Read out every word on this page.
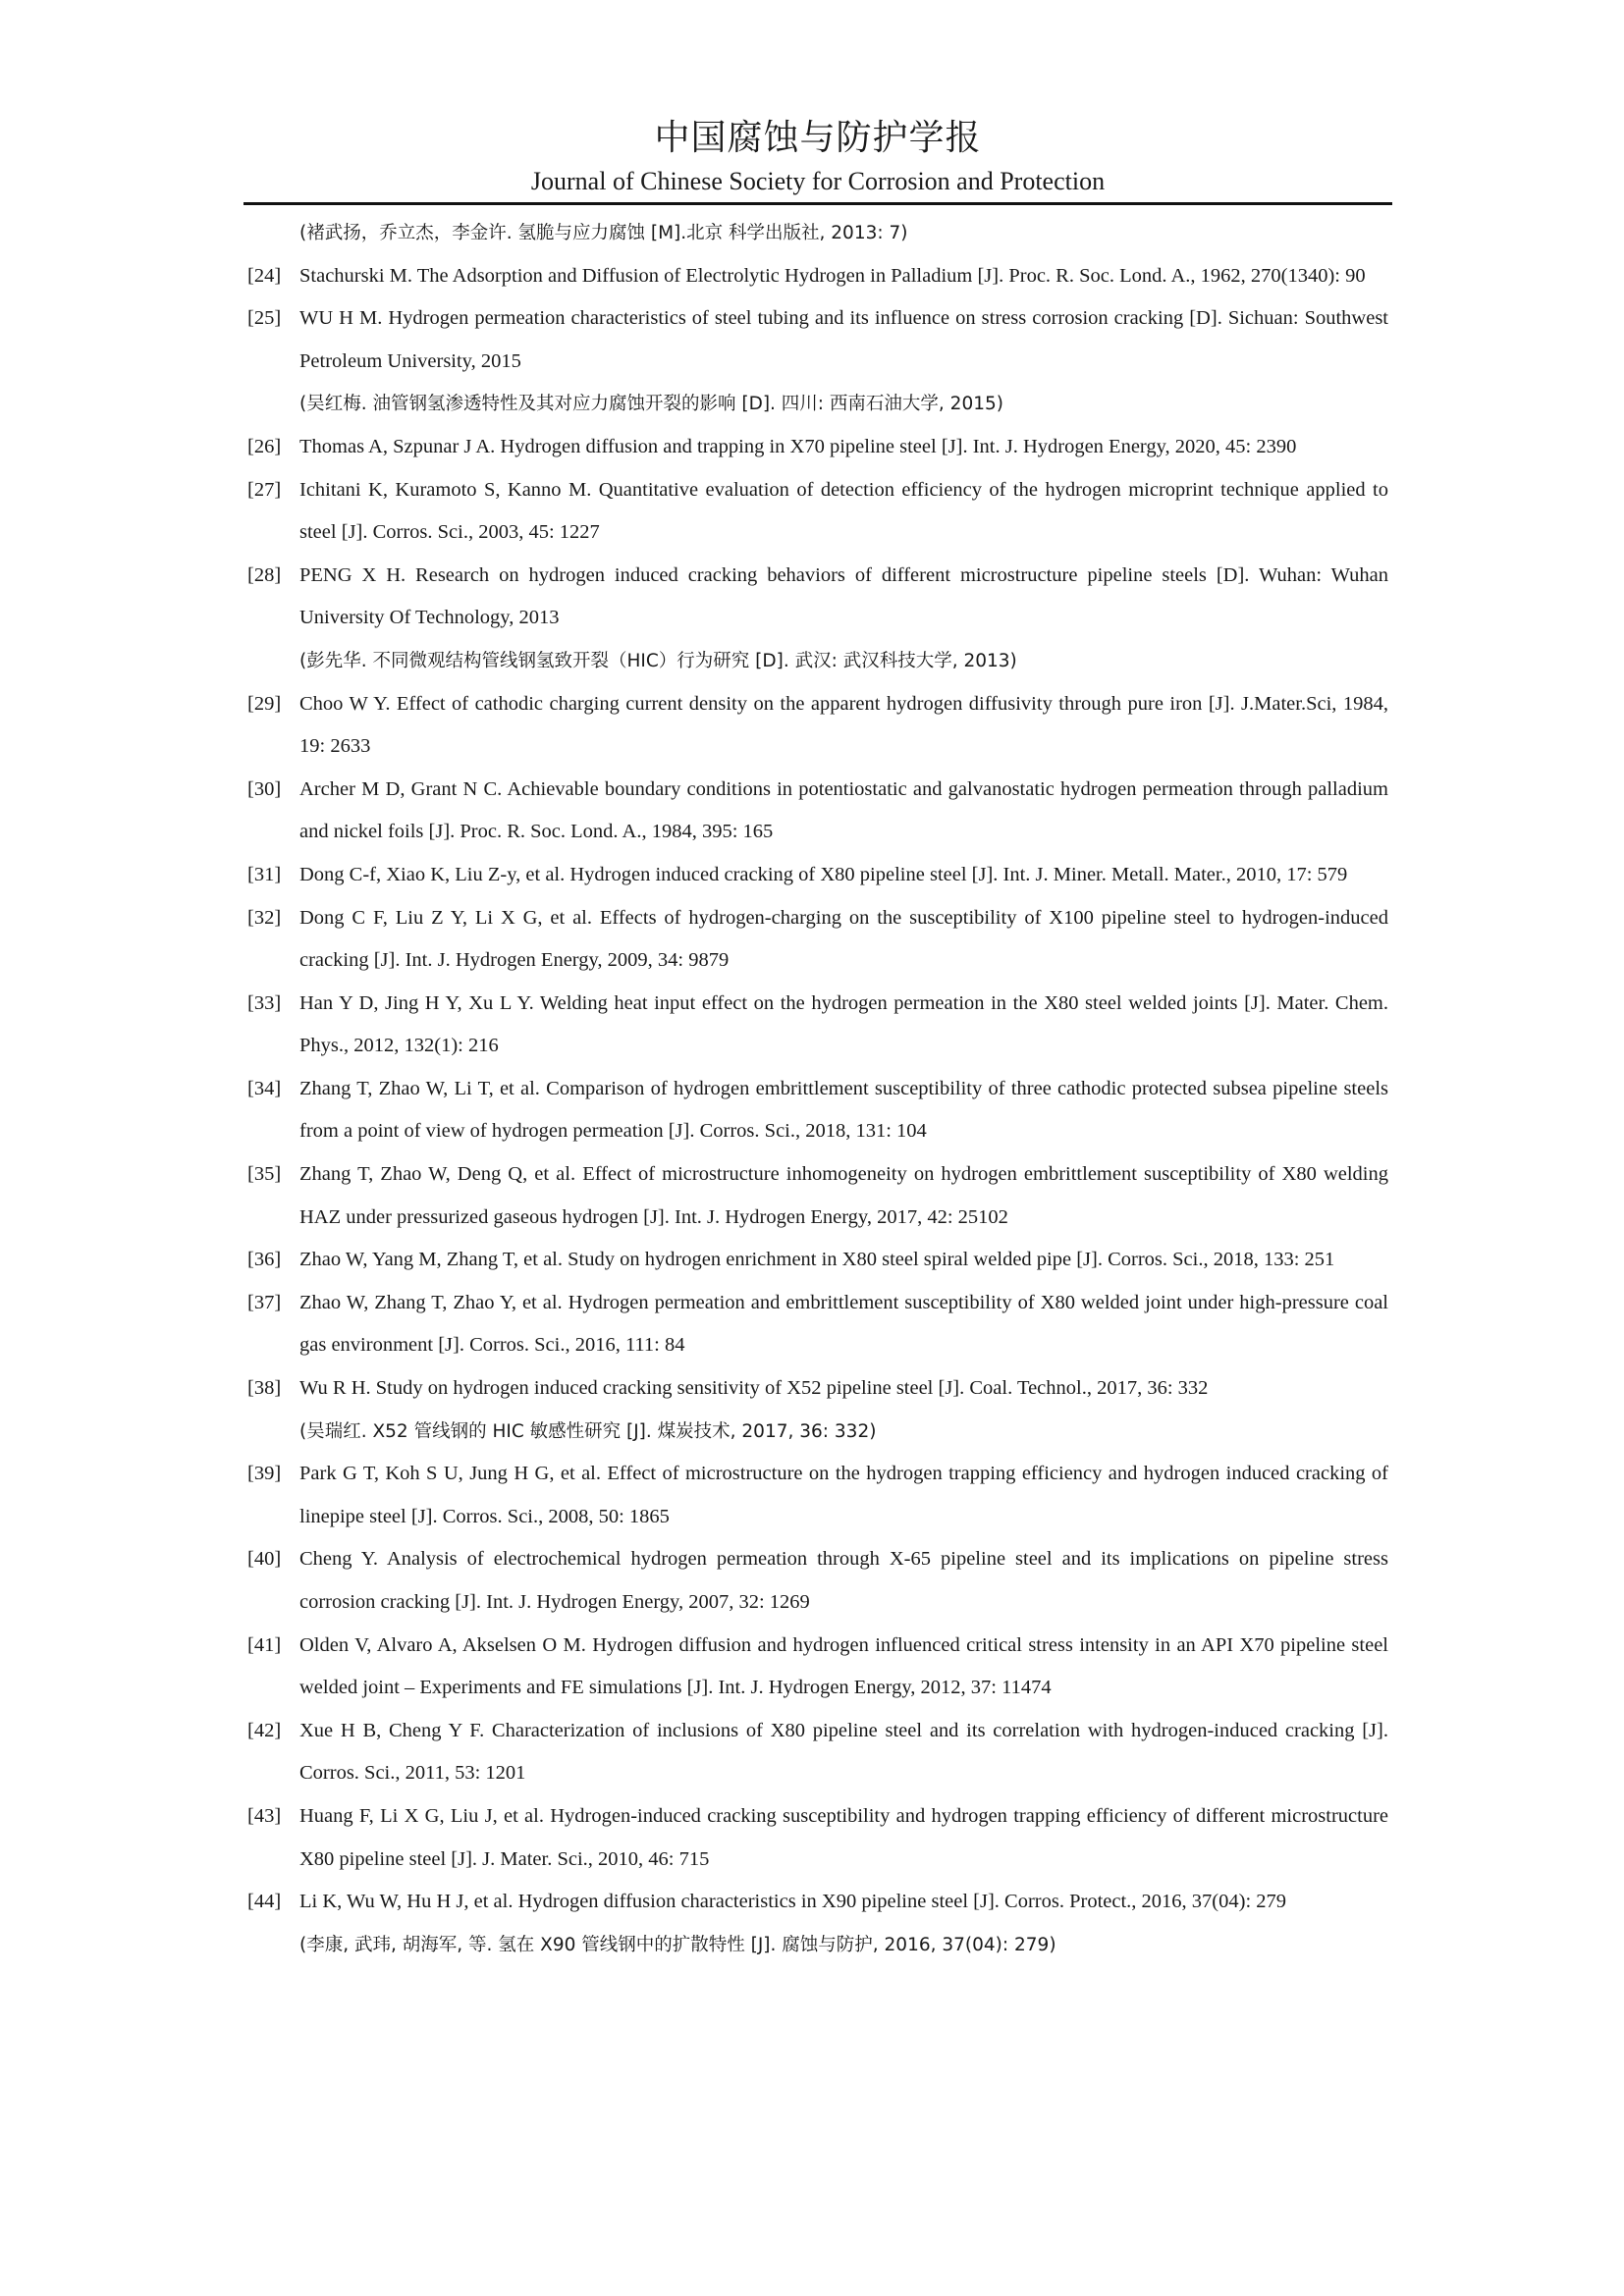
中国腐蚀与防护学报
Journal of Chinese Society for Corrosion and Protection
(褚武扬，乔立杰，李金许. 氢脆与应力腐蚀 [M].北京 科学出版社, 2013: 7)
[24] Stachurski M. The Adsorption and Diffusion of Electrolytic Hydrogen in Palladium [J]. Proc. R. Soc. Lond. A., 1962, 270(1340): 90
[25] WU H M. Hydrogen permeation characteristics of steel tubing and its influence on stress corrosion cracking [D]. Sichuan: Southwest Petroleum University, 2015
(吴红梅. 油管钢氢渗透特性及其对应力腐蚀开裂的影响 [D]. 四川: 西南石油大学, 2015)
[26] Thomas A, Szpunar J A. Hydrogen diffusion and trapping in X70 pipeline steel [J]. Int. J. Hydrogen Energy, 2020, 45: 2390
[27] Ichitani K, Kuramoto S, Kanno M. Quantitative evaluation of detection efficiency of the hydrogen microprint technique applied to steel [J]. Corros. Sci., 2003, 45: 1227
[28] PENG X H. Research on hydrogen induced cracking behaviors of different microstructure pipeline steels [D]. Wuhan: Wuhan University Of Technology, 2013
(彭先华. 不同微观结构管线钢氢致开裂（HIC）行为研究 [D]. 武汉: 武汉科技大学, 2013)
[29] Choo W Y. Effect of cathodic charging current density on the apparent hydrogen diffusivity through pure iron [J]. J.Mater.Sci, 1984, 19: 2633
[30] Archer M D, Grant N C. Achievable boundary conditions in potentiostatic and galvanostatic hydrogen permeation through palladium and nickel foils [J]. Proc. R. Soc. Lond. A., 1984, 395: 165
[31] Dong C-f, Xiao K, Liu Z-y, et al. Hydrogen induced cracking of X80 pipeline steel [J]. Int. J. Miner. Metall. Mater., 2010, 17: 579
[32] Dong C F, Liu Z Y, Li X G, et al. Effects of hydrogen-charging on the susceptibility of X100 pipeline steel to hydrogen-induced cracking [J]. Int. J. Hydrogen Energy, 2009, 34: 9879
[33] Han Y D, Jing H Y, Xu L Y. Welding heat input effect on the hydrogen permeation in the X80 steel welded joints [J]. Mater. Chem. Phys., 2012, 132(1): 216
[34] Zhang T, Zhao W, Li T, et al. Comparison of hydrogen embrittlement susceptibility of three cathodic protected subsea pipeline steels from a point of view of hydrogen permeation [J]. Corros. Sci., 2018, 131: 104
[35] Zhang T, Zhao W, Deng Q, et al. Effect of microstructure inhomogeneity on hydrogen embrittlement susceptibility of X80 welding HAZ under pressurized gaseous hydrogen [J]. Int. J. Hydrogen Energy, 2017, 42: 25102
[36] Zhao W, Yang M, Zhang T, et al. Study on hydrogen enrichment in X80 steel spiral welded pipe [J]. Corros. Sci., 2018, 133: 251
[37] Zhao W, Zhang T, Zhao Y, et al. Hydrogen permeation and embrittlement susceptibility of X80 welded joint under high-pressure coal gas environment [J]. Corros. Sci., 2016, 111: 84
[38] Wu R H. Study on hydrogen induced cracking sensitivity of X52 pipeline steel [J]. Coal. Technol., 2017, 36: 332
(吴瑞红. X52 管线钢的 HIC 敏感性研究 [J]. 煤炭技术, 2017, 36: 332)
[39] Park G T, Koh S U, Jung H G, et al. Effect of microstructure on the hydrogen trapping efficiency and hydrogen induced cracking of linepipe steel [J]. Corros. Sci., 2008, 50: 1865
[40] Cheng Y. Analysis of electrochemical hydrogen permeation through X-65 pipeline steel and its implications on pipeline stress corrosion cracking [J]. Int. J. Hydrogen Energy, 2007, 32: 1269
[41] Olden V, Alvaro A, Akselsen O M. Hydrogen diffusion and hydrogen influenced critical stress intensity in an API X70 pipeline steel welded joint – Experiments and FE simulations [J]. Int. J. Hydrogen Energy, 2012, 37: 11474
[42] Xue H B, Cheng Y F. Characterization of inclusions of X80 pipeline steel and its correlation with hydrogen-induced cracking [J]. Corros. Sci., 2011, 53: 1201
[43] Huang F, Li X G, Liu J, et al. Hydrogen-induced cracking susceptibility and hydrogen trapping efficiency of different microstructure X80 pipeline steel [J]. J. Mater. Sci., 2010, 46: 715
[44] Li K, Wu W, Hu H J, et al. Hydrogen diffusion characteristics in X90 pipeline steel [J]. Corros. Protect., 2016, 37(04): 279
(李康, 武玮, 胡海军, 等. 氢在 X90 管线钢中的扩散特性 [J]. 腐蚀与防护, 2016, 37(04): 279)
